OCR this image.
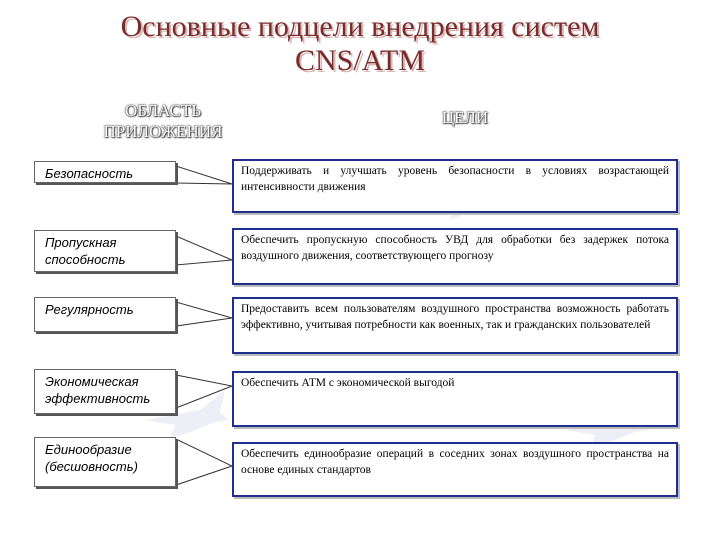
Основные подцели внедрения систем
CNS/ATM
ОБЛАСТЬ ПРИЛОЖЕНИЯ
ЦЕЛИ
Безопасность	Поддерживать и улучшать уровень безопасности в условиях возрастающей интенсивности движения
Пропускная способность
Обеспечить пропускную способность УВД для обработки без задержек потока воздушного движения, соответствующего прогнозу
Регулярность	Предоставить всем пользователям воздушного пространства возможность работать эффективно, учитывая потребности как военных, так и гражданских пользователей
Экономическая эффективность
Обеспечить АТМ с экономической выгодой
Единообразие (бесшовность)
Обеспечить единообразие операций в соседних зонах воздушного пространства на основе единых стандартов
